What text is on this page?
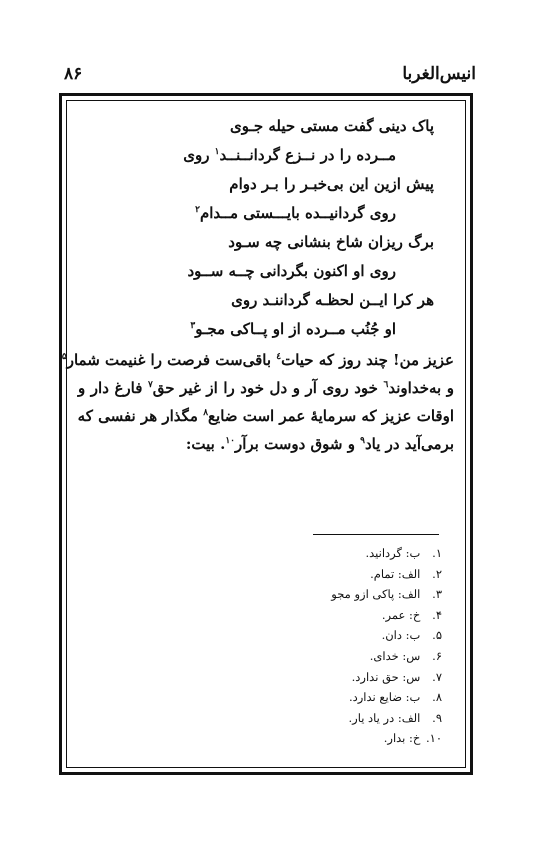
انیس‌الغربا
۸۶
پاک دینی گفت مستی حیله جـوی
مــرده را در نــزع گردانــنــد$^۱$ روی
پیش ازین این بی‌خبـر را بـر دوام
روی گردانیــده بایـــستی مــدام$^۲$
برگ ریزان شاخ بنشانی چه سـود
روی او اکنون بگردانی چــه ســود
هر کرا ایــن لحظـه گرداننـد روی
او جُنُب مــرده از او پــاکی مجـو$^۳$
عزیز من! چند روز که حیات$^٤$ باقی‌ست فرصت را غنیمت شمار$^۵$
و به‌خداوند$^٦$ خود روی آر و دل خود را از غیر حق$^۷$ فارغ دار و
اوقات عزیز که سرمایهٔ عمر است ضایع$^۸$ مگذار هر نفسی که
برمی‌آید در یاد$^۹$ و شوق دوست برآر$^{۱۰}$. بیت:
۱. ب: گردانید.
۲. الف: تمام.
۳. الف: پاکی ازو مجو
۴. خ: عمر.
۵. ب: دان.
۶. س: خدای.
۷. س: حق ندارد.
۸. ب: ضایع ندارد.
۹. الف: در یاد یار.
۱۰. خ: بدار.
